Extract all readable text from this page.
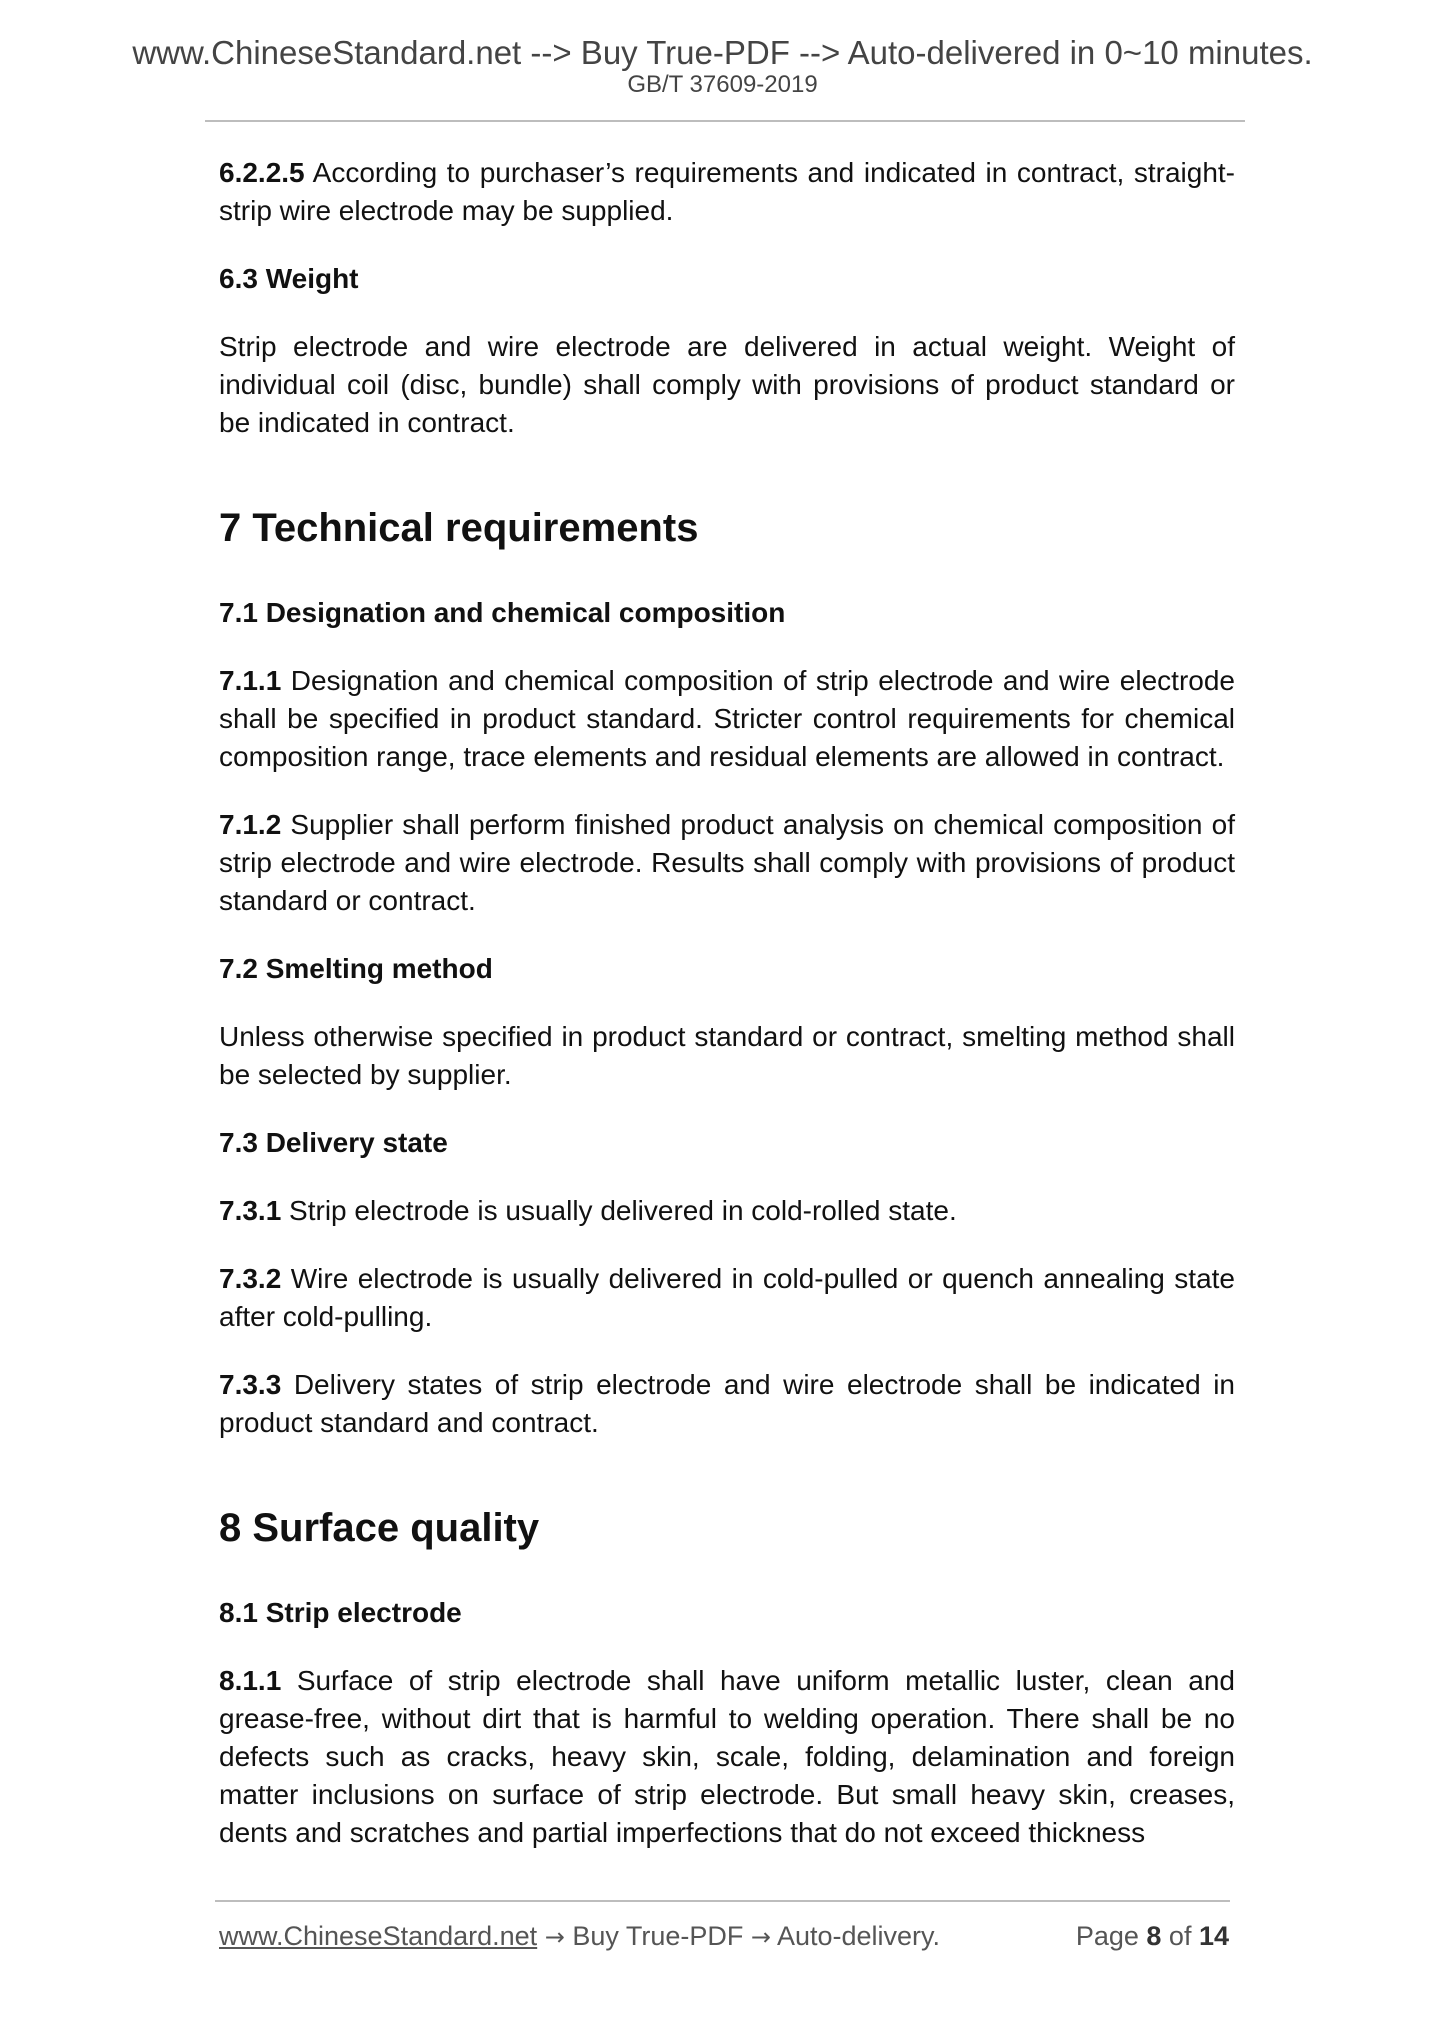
www.ChineseStandard.net --> Buy True-PDF --> Auto-delivered in 0~10 minutes.
GB/T 37609-2019

6.2.2.5 According to purchaser’s requirements and indicated in contract, straight-strip wire electrode may be supplied.

6.3 Weight

Strip electrode and wire electrode are delivered in actual weight. Weight of individual coil (disc, bundle) shall comply with provisions of product standard or be indicated in contract.

7 Technical requirements
7.1 Designation and chemical composition

7.1.1 Designation and chemical composition of strip electrode and wire electrode shall be specified in product standard. Stricter control requirements for chemical composition range, trace elements and residual elements are allowed in contract.

7.1.2 Supplier shall perform finished product analysis on chemical composition of strip electrode and wire electrode. Results shall comply with provisions of product standard or contract.

7.2 Smelting method

Unless otherwise specified in product standard or contract, smelting method shall be selected by supplier.

7.3 Delivery state

7.3.1 Strip electrode is usually delivered in cold-rolled state.

7.3.2 Wire electrode is usually delivered in cold-pulled or quench annealing state after cold-pulling.

7.3.3 Delivery states of strip electrode and wire electrode shall be indicated in product standard and contract.

8 Surface quality
8.1 Strip electrode

8.1.1 Surface of strip electrode shall have uniform metallic luster, clean and grease-free, without dirt that is harmful to welding operation. There shall be no defects such as cracks, heavy skin, scale, folding, delamination and foreign matter inclusions on surface of strip electrode. But small heavy skin, creases, dents and scratches and partial imperfections that do not exceed thickness

www.ChineseStandard.net → Buy True-PDF → Auto-delivery.	Page 8 of 14
